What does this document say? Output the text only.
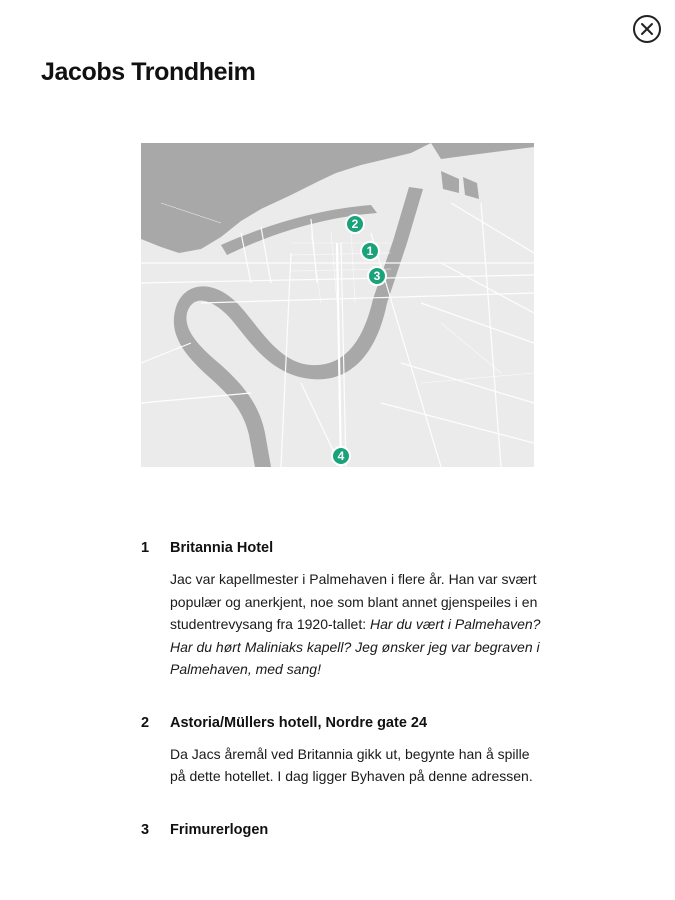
Jacobs Trondheim
2
1
3
4
1	Britannia Hotel
Jac var kapellmester i Palmehaven i flere år. Han var svært populær og anerkjent, noe som blant annet gjenspeiles i en studentrevysang fra 1920-tallet: Har du vært i Palmehaven? Har du hørt Maliniaks kapell? Jeg ønsker jeg var begraven i Palmehaven, med sang!
2	Astoria/Müllers hotell, Nordre gate 24
Da Jacs åremål ved Britannia gikk ut, begynte han å spille på dette hotellet. I dag ligger Byhaven på denne adressen.
3	Frimurerlogen
